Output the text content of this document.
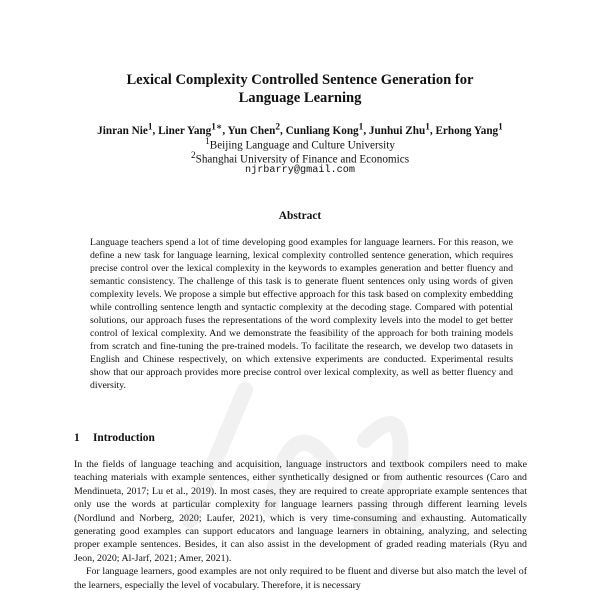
Lexical Complexity Controlled Sentence Generation for
Language Learning
Jinran Nie$^1$, Liner Yang$^{1∗}$, Yun Chen$^2$, Cunliang Kong$^1$, Junhui Zhu$^1$, Erhong Yang$^1$
$^1$Beijing Language and Culture University
$^2$Shanghai University of Finance and Economics
njrbarry@gmail.com
Abstract
Language teachers spend a lot of time developing good examples for language learners. For this reason, we define a new task for language learning, lexical complexity controlled sentence generation, which requires precise control over the lexical complexity in the keywords to examples generation and better fluency and semantic consistency. The challenge of this task is to generate fluent sentences only using words of given complexity levels. We propose a simple but effective approach for this task based on complexity embedding while controlling sentence length and syntactic complexity at the decoding stage. Compared with potential solutions, our approach fuses the representations of the word complexity levels into the model to get better control of lexical complexity. And we demonstrate the feasibility of the approach for both training models from scratch and fine-tuning the pre-trained models. To facilitate the research, we develop two datasets in English and Chinese respectively, on which extensive experiments are conducted. Experimental results show that our approach provides more precise control over lexical complexity, as well as better fluency and diversity.
1 Introduction

In the fields of language teaching and acquisition, language instructors and textbook compilers need to make teaching materials with example sentences, either synthetically designed or from authentic resources (Caro and Mendinueta, 2017; Lu et al., 2019). In most cases, they are required to create appropriate example sentences that only use the words at particular complexity for language learners passing through different learning levels (Nordlund and Norberg, 2020; Laufer, 2021), which is very time-consuming and exhausting. Automatically generating good examples can support educators and language learners in obtaining, analyzing, and selecting proper example sentences. Besides, it can also assist in the development of graded reading materials (Ryu and Jeon, 2020; Al-Jarf, 2021; Amer, 2021).

For language learners, good examples are not only required to be fluent and diverse but also match the level of the learners, especially the level of vocabulary. Therefore, it is necessary
